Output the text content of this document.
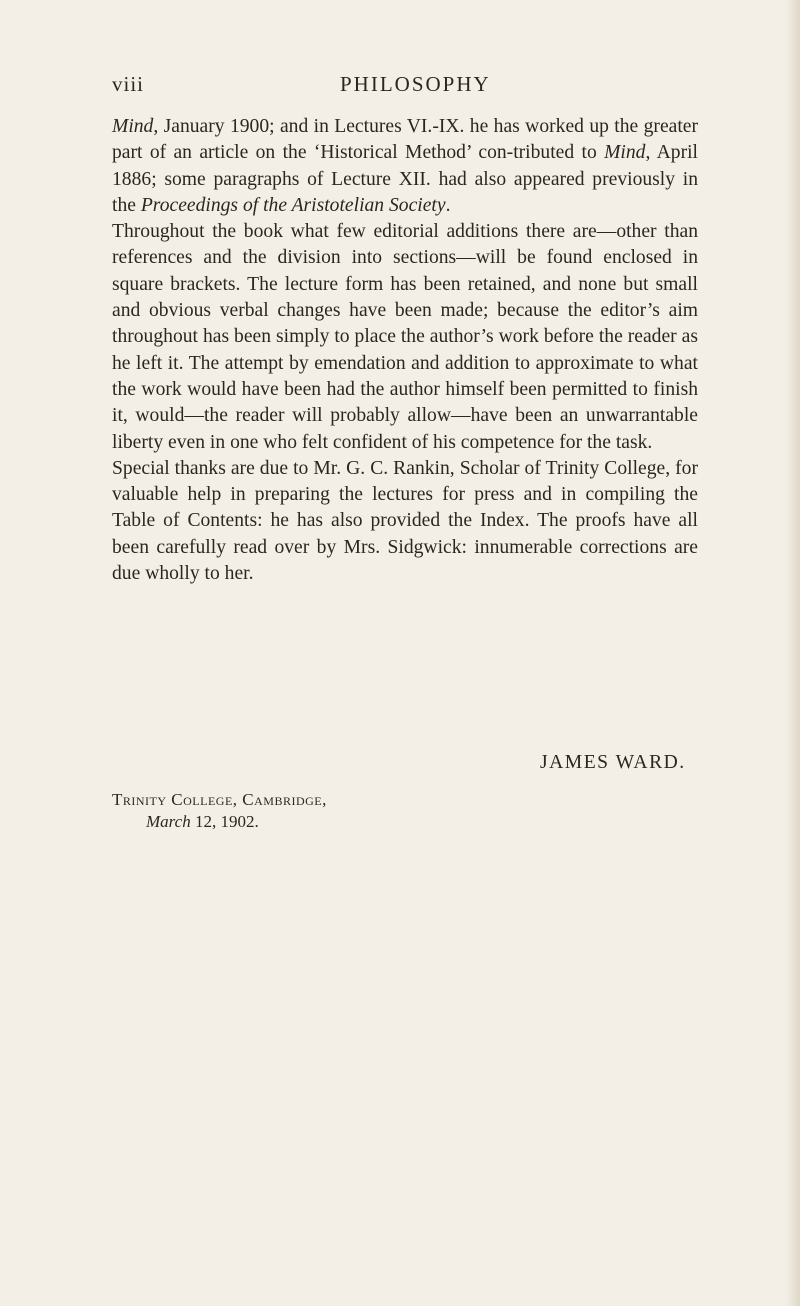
viii	PHILOSOPHY

Mind, January 1900; and in Lectures VI.-IX. he has worked up the greater part of an article on the ‘Historical Method’ con-tributed to Mind, April 1886; some paragraphs of Lecture XII. had also appeared previously in the Proceedings of the Aristotelian Society.

Throughout the book what few editorial additions there are—other than references and the division into sections—will be found enclosed in square brackets. The lecture form has been retained, and none but small and obvious verbal changes have been made; because the editor’s aim throughout has been simply to place the author’s work before the reader as he left it. The attempt by emendation and addition to approximate to what the work would have been had the author himself been permitted to finish it, would—the reader will probably allow—have been an unwarrantable liberty even in one who felt confident of his competence for the task.

Special thanks are due to Mr. G. C. Rankin, Scholar of Trinity College, for valuable help in preparing the lectures for press and in compiling the Table of Contents: he has also provided the Index. The proofs have all been carefully read over by Mrs. Sidgwick: innumerable corrections are due wholly to her.

JAMES WARD.
Trinity College, Cambridge,
March 12, 1902.
